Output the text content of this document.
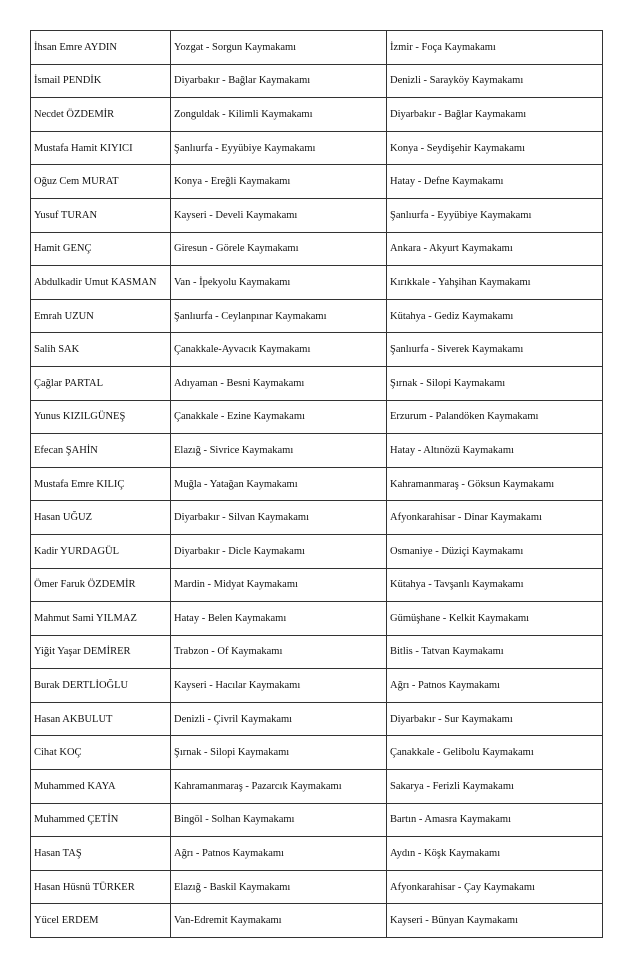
İhsan Emre AYDIN	Yozgat - Sorgun Kaymakamı	İzmir - Foça Kaymakamı
İsmail PENDİK	Diyarbakır - Bağlar Kaymakamı	Denizli - Sarayköy Kaymakamı
Necdet ÖZDEMİR	Zonguldak - Kilimli Kaymakamı	Diyarbakır - Bağlar Kaymakamı
Mustafa Hamit KIYICI	Şanlıurfa - Eyyübiye Kaymakamı	Konya - Seydişehir Kaymakamı
Oğuz Cem MURAT	Konya - Ereğli Kaymakamı	Hatay - Defne Kaymakamı
Yusuf TURAN	Kayseri - Develi Kaymakamı	Şanlıurfa - Eyyübiye Kaymakamı
Hamit GENÇ	Giresun - Görele Kaymakamı	Ankara - Akyurt Kaymakamı
Abdulkadir Umut KASMAN	Van - İpekyolu Kaymakamı	Kırıkkale - Yahşihan Kaymakamı
Emrah UZUN	Şanlıurfa - Ceylanpınar Kaymakamı	Kütahya - Gediz Kaymakamı
Salih SAK	Çanakkale-Ayvacık Kaymakamı	Şanlıurfa - Siverek Kaymakamı
Çağlar PARTAL	Adıyaman - Besni Kaymakamı	Şırnak - Silopi Kaymakamı
Yunus KIZILGÜNEŞ	Çanakkale - Ezine Kaymakamı	Erzurum - Palandöken Kaymakamı
Efecan ŞAHİN	Elazığ - Sivrice Kaymakamı	Hatay - Altınözü Kaymakamı
Mustafa Emre KILIÇ	Muğla - Yatağan Kaymakamı	Kahramanmaraş - Göksun Kaymakamı
Hasan UĞUZ	Diyarbakır - Silvan Kaymakamı	Afyonkarahisar - Dinar Kaymakamı
Kadir YURDAGÜL	Diyarbakır - Dicle Kaymakamı	Osmaniye - Düziçi Kaymakamı
Ömer Faruk ÖZDEMİR	Mardin - Midyat Kaymakamı	Kütahya - Tavşanlı Kaymakamı
Mahmut Sami YILMAZ	Hatay - Belen Kaymakamı	Gümüşhane - Kelkit Kaymakamı
Yiğit Yaşar DEMİRER	Trabzon - Of Kaymakamı	Bitlis - Tatvan Kaymakamı
Burak DERTLİOĞLU	Kayseri - Hacılar Kaymakamı	Ağrı - Patnos Kaymakamı
Hasan AKBULUT	Denizli - Çivril Kaymakamı	Diyarbakır - Sur Kaymakamı
Cihat KOÇ	Şırnak - Silopi Kaymakamı	Çanakkale - Gelibolu Kaymakamı
Muhammed KAYA	Kahramanmaraş - Pazarcık Kaymakamı	Sakarya - Ferizli Kaymakamı
Muhammed ÇETİN	Bingöl - Solhan Kaymakamı	Bartın - Amasra Kaymakamı
Hasan TAŞ	Ağrı - Patnos Kaymakamı	Aydın - Köşk Kaymakamı
Hasan Hüsnü TÜRKER	Elazığ - Baskil Kaymakamı	Afyonkarahisar - Çay Kaymakamı
Yücel ERDEM	Van-Edremit Kaymakamı	Kayseri - Bünyan Kaymakamı
